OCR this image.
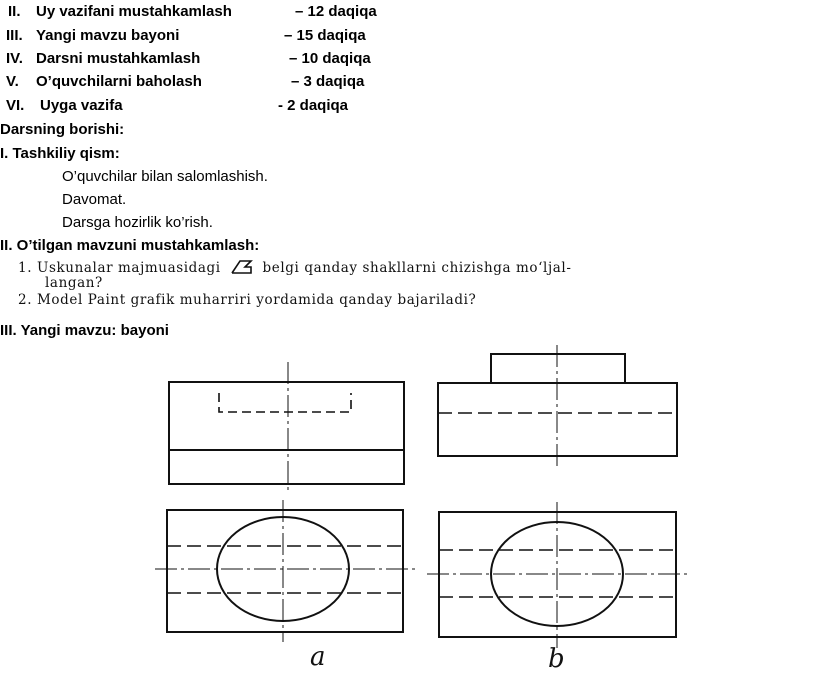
II. Uy vazifani mustahkamlash	– 12 daqiqa
III. Yangi mavzu bayoni	– 15 daqiqa
IV. Darsni mustahkamlash	– 10 daqiqa
V. O’quvchilarni baholash	– 3 daqiqa
VI. Uyga vazifa	- 2 daqiqa
Darsning borishi:
I. Tashkiliy qism:
O’quvchilar bilan salomlashish.
Davomat.
Darsga hozirlik ko’rish.
II. O’tilgan mavzuni mustahkamlash:
1. Uskunalar majmuasidagi	belgi qanday shakllarni chizishga mo‘ljal-
langan?
2. Model Paint grafik muharriri yordamida qanday bajariladi?
III. Yangi mavzu: bayoni
a	b
